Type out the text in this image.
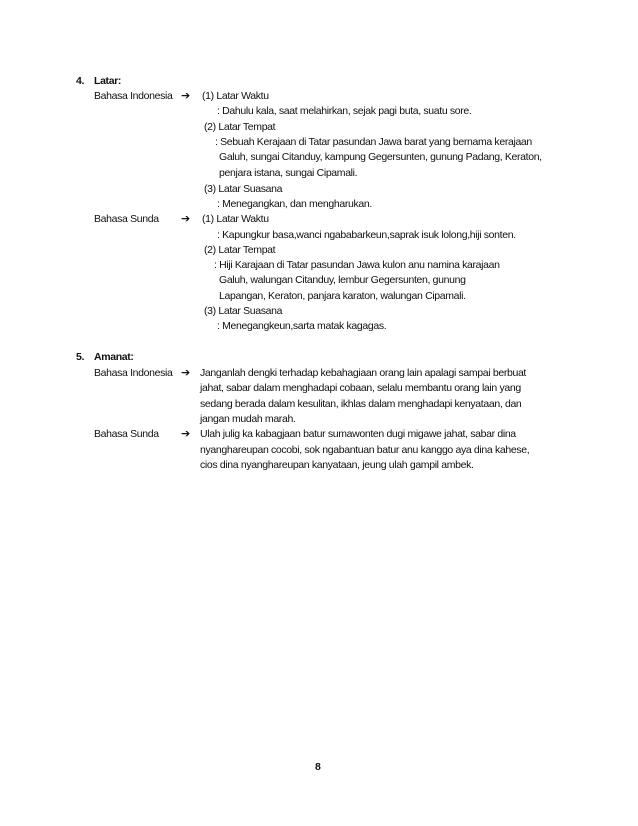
4. Latar:
Bahasa Indonesia ➔ (1) Latar Waktu
: Dahulu kala, saat melahirkan, sejak pagi buta, suatu sore.
(2) Latar Tempat
: Sebuah Kerajaan di Tatar pasundan Jawa barat yang bernama kerajaan
Galuh, sungai Citanduy, kampung Gegersunten, gunung Padang, Keraton,
penjara istana, sungai Cipamali.
(3) Latar Suasana
: Menegangkan, dan mengharukan.
Bahasa Sunda ➔ (1) Latar Waktu
: Kapungkur basa,wanci ngababarkeun,saprak isuk lolong,hiji sonten.
(2) Latar Tempat
: Hiji Karajaan di Tatar pasundan Jawa kulon anu namina karajaan
Galuh, walungan Citanduy, lembur Gegersunten, gunung
Lapangan, Keraton, panjara karaton, walungan Cipamali.
(3) Latar Suasana
: Menegangkeun,sarta matak kagagas.
5. Amanat:
Bahasa Indonesia ➔ Janganlah dengki terhadap kebahagiaan orang lain apalagi sampai berbuat
jahat, sabar dalam menghadapi cobaan, selalu membantu orang lain yang
sedang berada dalam kesulitan, ikhlas dalam menghadapi kenyataan, dan
jangan mudah marah.
Bahasa Sunda ➔ Ulah julig ka kabagjaan batur sumawonten dugi migawe jahat, sabar dina
nyanghareupan cocobi, sok ngabantuan batur anu kanggo aya dina kahese,
cios dina nyanghareupan kanyataan, jeung ulah gampil ambek.
8
